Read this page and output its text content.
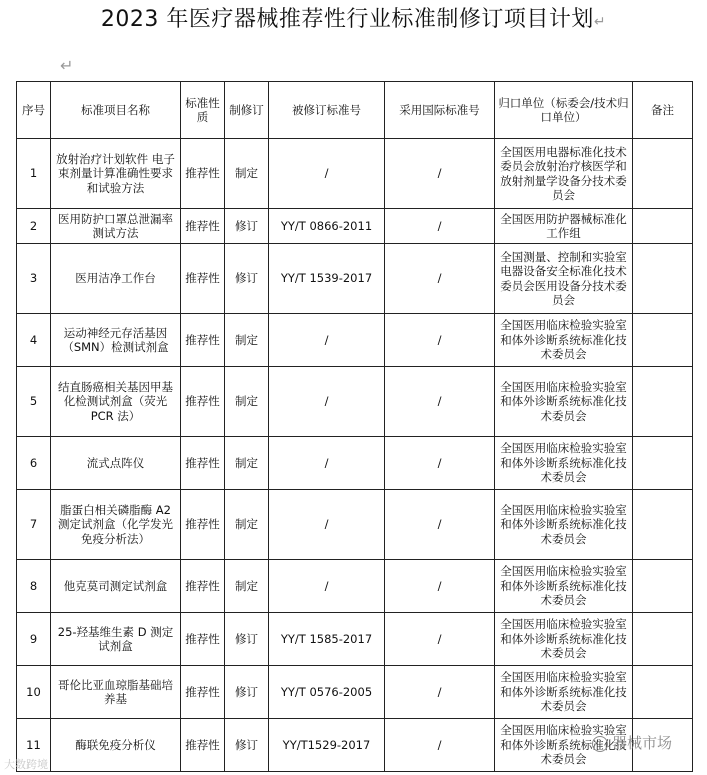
2023 年医疗器械推荐性行业标准制修订项目计划↵
↵
序号	标准项目名称	标准性质	制修订	被修订标准号	采用国际标准号	归口单位（标委会/技术归口单位）	备注
1	放射治疗计划软件 电子束剂量计算准确性要求和试验方法	推荐性	制定	/	/	全国医用电器标准化技术委员会放射治疗核医学和放射剂量学设备分技术委员会	
2	医用防护口罩总泄漏率测试方法	推荐性	修订	YY/T 0866-2011	/	全国医用防护器械标准化工作组	
3	医用洁净工作台	推荐性	修订	YY/T 1539-2017	/	全国测量、控制和实验室电器设备安全标准化技术委员会医用设备分技术委员会	
4	运动神经元存活基因（SMN）检测试剂盒	推荐性	制定	/	/	全国医用临床检验实验室和体外诊断系统标准化技术委员会	
5	结直肠癌相关基因甲基化检测试剂盒（荧光 PCR 法）	推荐性	制定	/	/	全国医用临床检验实验室和体外诊断系统标准化技术委员会	
6	流式点阵仪	推荐性	制定	/	/	全国医用临床检验实验室和体外诊断系统标准化技术委员会	
7	脂蛋白相关磷脂酶 A2 测定试剂盒（化学发光免疫分析法）	推荐性	制定	/	/	全国医用临床检验实验室和体外诊断系统标准化技术委员会	
8	他克莫司测定试剂盒	推荐性	制定	/	/	全国医用临床检验实验室和体外诊断系统标准化技术委员会	
9	25-羟基维生素 D 测定试剂盒	推荐性	修订	YY/T 1585-2017	/	全国医用临床检验实验室和体外诊断系统标准化技术委员会	
10	哥伦比亚血琼脂基础培养基	推荐性	修订	YY/T 0576-2005	/	全国医用临床检验实验室和体外诊断系统标准化技术委员会	
11	酶联免疫分析仪	推荐性	修订	YY/T1529-2017	/	全国医用临床检验实验室和体外诊断系统标准化技术委员会	
大数跨境
器械市场
